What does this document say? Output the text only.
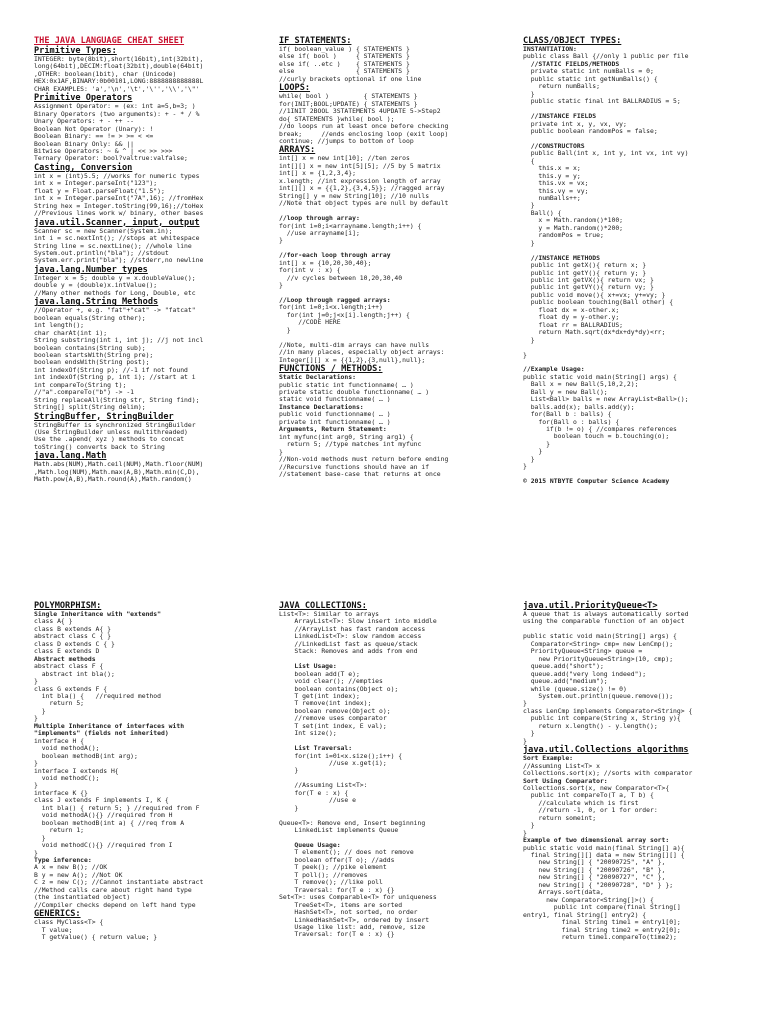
THE JAVA LANGUAGE CHEAT SHEET
Primitive Types:
INTEGER: byte(8bit),short(16bit),int(32bit),
long(64bit),DECIM:float(32bit),double(64bit)
,OTHER: boolean(1bit), char (Unicode)
HEX:0x1AF,BINARY:0b00101,LONG:8888888888888L
CHAR EXAMPLES: 'a','\n','\t','\'','\\','\"'
Primitive Operators
Assignment Operator: = (ex: int a=5,b=3; )
Binary Operators (two arguments): + - * / %
Unary Operators: + - ++ --
Boolean Not Operator (Unary): !
Boolean Binary: == != > >= < <=
Boolean Binary Only: && ||
Bitwise Operators: ~ & ^ | << >> >>>
Ternary Operator: bool?valtrue:valfalse;
Casting, Conversion
int x = (int)5.5; //works for numeric types
int x = Integer.parseInt("123");
float y = Float.parseFloat("1.5");
int x = Integer.parseInt("7A",16); //fromHex
String hex = Integer.toString(99,16);//toHex
//Previous lines work w/ binary, other bases
java.util.Scanner, input, output
Scanner sc = new Scanner(System.in);
int i = sc.nextInt(); //stops at whitespace
String line = sc.nextLine(); //whole line
System.out.println("bla"); //stdout
System.err.print("bla"); //stderr,no newline
java.lang.Number types
Integer x = 5; double y = x.doubleValue();
double y = (double)x.intValue();
//Many other methods for Long, Double, etc
java.lang.String Methods
//Operator +, e.g. "fat"+"cat" -> "fatcat"
boolean equals(String other);
int length();
char charAt(int i);
String substring(int i, int j); //j not incl
boolean contains(String sub);
boolean startsWith(String pre);
boolean endsWith(String post);
int indexOf(String p); //-1 if not found
int indexOf(String p, int i); //start at i
int compareTo(String t);
//"a".compareTo("b") -> -1
String replaceAll(String str, String find);
String[] split(String delim);
StringBuffer, StringBuilder
StringBuffer is synchronized StringBuilder
(Use StringBuilder unless multithreaded)
Use the .apend( xyz ) methods to concat
toString() converts back to String
java.lang.Math
Math.abs(NUM),Math.ceil(NUM),Math.floor(NUM)
,Math.log(NUM),Math.max(A,B),Math.min(C,D),
Math.pow(A,B),Math.round(A),Math.random()
IF STATEMENTS:
if( boolean_value ) { STATEMENTS }
else if( bool )     { STATEMENTS }
else if( ..etc )    { STATEMENTS }
else                { STATEMENTS }
//curly brackets optional if one line
LOOPS:
while( bool )         { STATEMENTS }
for(INIT;BOOL;UPDATE) { STATEMENTS }
//1INIT 2BOOL 3STATEMENTS 4UPDATE 5->Step2
do{ STATEMENTS }while( bool );
//do loops run at least once before checking
break;     //ends enclosing loop (exit loop)
continue; //jumps to bottom of loop
ARRAYS:
int[] x = new int[10]; //ten zeros
int[][] x = new int[5][5]; //5 by 5 matrix
int[] x = {1,2,3,4};
x.length; //int expression length of array
int[][] x = {{1,2},{3,4,5}}; //ragged array
String[] y = new String[10]; //10 nulls
//Note that object types are null by default
//loop through array:
for(int i=0;i<arrayname.length;i++) {
//use arrayname[i];
}
//for-each loop through array
int[] x = {10,20,30,40};
for(int v : x) {
//v cycles between 10,20,30,40
}
//Loop through ragged arrays:
for(int i=0;i<x.length;i++)
for(int j=0;j<x[i].length;j++) {
//CODE HERE
}
//Note, multi-dim arrays can have nulls
//in many places, especially object arrays:
Integer[][] x = {{1,2},{3,null},null};
FUNCTIONS / METHODS:
Static Declarations:
public static int functionname( … )
private static double functionname( … )
static void functionname( … )
Instance Declarations:
public void functionname( … )
private int functionname( … )
Arguments, Return Statement:
int myfunc(int arg0, String arg1) {
return 5; //type matches int myfunc
}
//Non-void methods must return before ending
//Recursive functions should have an if
//statement base-case that returns at once
CLASS/OBJECT TYPES:
INSTANTIATION:
public class Ball {//only 1 public per file
//STATIC FIELDS/METHODS
private static int numBalls = 0;
public static int getNumBalls() {
return numBalls;
}
public static final int BALLRADIUS = 5;
//INSTANCE FIELDS
private int x, y, vx, vy;
public boolean randomPos = false;
//CONSTRUCTORS
public Ball(int x, int y, int vx, int vy)
{
this.x = x;
this.y = y;
this.vx = vx;
this.vy = vy;
numBalls++;
}
Ball() {
x = Math.random()*100;
y = Math.random()*200;
randomPos = true;
}
//INSTANCE METHODS
public int getX(){ return x; }
public int getY(){ return y; }
public int getVX(){ return vx; }
public int getVY(){ return vy; }
public void move(){ x+=vx; y+=vy; }
public boolean touching(Ball other) {
float dx = x-other.x;
float dy = y-other.y;
float rr = BALLRADIUS;
return Math.sqrt(dx*dx+dy*dy)<rr;
}
}
//Example Usage:
public static void main(String[] args) {
Ball x = new Ball(5,10,2,2);
Ball y = new Ball();
List<Ball> balls = new ArrayList<Ball>();
balls.add(x); balls.add(y);
for(Ball b : balls) {
for(Ball o : balls) {
if(b != o) { //compares references
boolean touch = b.touching(o);
}
}
}
}
© 2015 NTBYTE Computer Science Academy
POLYMORPHISM:
Single Inheritance with "extends"
class A{ }
class B extends A{ }
abstract class C { }
class D extends C { }
class E extends D
Abstract methods
abstract class F {
abstract int bla();
}
class G extends F {
int bla() {   //required method
return 5;
}
}
Multiple Inheritance of interfaces with
"implements" (fields not inherited)
interface H {
void methodA();
boolean methodB(int arg);
}
interface I extends H{
void methodC();
}
interface K {}
class J extends F implements I, K {
int bla() { return 5; } //required from F
void methodA(){} //required from H
boolean methodB(int a) { //req from A
return 1;
}
void methodC(){} //required from I
}
Type inference:
A x = new B(); //OK
B y = new A(); //Not OK
C z = new C(); //Cannot instantiate abstract
//Method calls care about right hand type
(the instantiated object)
//Compiler checks depend on left hand type
GENERICS:
class MyClass<T> {
T value;
T getValue() { return value; }
JAVA COLLECTIONS:
List<T>: Similar to arrays
ArrayList<T>: Slow insert into middle
//ArrayList has fast random access
LinkedList<T>: slow random access
//LinkedList fast as queue/stack
Stack: Removes and adds from end
List Usage:
boolean add(T e);
void clear(); //empties
boolean contains(Object o);
T get(int index);
T remove(int index);
boolean remove(Object o);
//remove uses comparator
T set(int index, E val);
Int size();
List Traversal:
for(int i=0i<x.size();i++) {
//use x.get(i);
}
//Assuming List<T>:
for(T e : x) {
//use e
}
Queue<T>: Remove end, Insert beginning
LinkedList implements Queue
Queue Usage:
T element(); // does not remove
boolean offer(T o); //adds
T peek(); //pike element
T poll(); //removes
T remove(); //like poll
Traversal: for(T e : x) {}
Set<T>: uses Comparable<T> for uniqueness
TreeSet<T>, items are sorted
HashSet<T>, not sorted, no order
LinkedHashSet<T>, ordered by insert
Usage like list: add, remove, size
Traversal: for(T e : x) {}
java.util.PriorityQueue<T>
A queue that is always automatically sorted
using the comparable function of an object
public static void main(String[] args) {
Comparator<String> cmp= new LenCmp();
PriorityQueue<String> queue =
new PriorityQueue<String>(10, cmp);
queue.add("short");
queue.add("very long indeed");
queue.add("medium");
while (queue.size() != 0)
System.out.println(queue.remove());
}
class LenCmp implements Comparator<String> {
public int compare(String x, String y){
return x.length() - y.length();
}
}
java.util.Collections algorithms
Sort Example:
//Assuming List<T> x
Collections.sort(x); //sorts with comparator
Sort Using Comparator:
Collections.sort(x, new Comparator<T>{
public int compareTo(T a, T b) {
//calculate which is first
//return -1, 0, or 1 for order:
return someint;
}
}
Example of two dimensional array sort:
public static void main(final String[] a){
final String[][] data = new String[][] {
new String[] { "20090725", "A" },
new String[] { "20090726", "B" },
new String[] { "20090727", "C" },
new String[] { "20090728", "D" } };
Arrays.sort(data,
new Comparator<String[]>() {
public int compare(final String[]
entry1, final String[] entry2) {
final String time1 = entry1[0];
final String time2 = entry2[0];
return time1.compareTo(time2);
